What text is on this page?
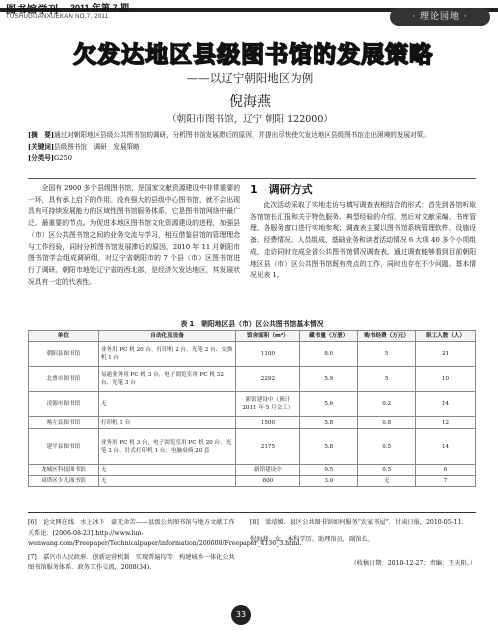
图书馆学刊 2011 年第 7 期
TUSHUGUANXUEKAN NO.7, 2011	· 理论园地 ·
欠发达地区县级图书馆的发展策略
——以辽宁朝阳地区为例
倪海燕
（朝阳市图书馆，辽宁 朝阳 122000）
[摘　要]通过对朝阳地区县级公共图书馆的调研，分析图书馆发展滞后的原因，并提出尽快使欠发达地区县级图书馆走出困境的发展对策。
[关键词]县级图书馆　调研　发展策略
[分类号]G250
全国有 2900 多个县级图书馆，是国家文献资源建设中非常重要的一环，具有承上启下的作用。没有强大的县级中心图书馆，就不会出现具有可持续发展能力的区域性图书馆服务体系，它是图书馆网络中最广泛、最重要的节点。为促进本地区图书馆文化资源建设的进程，加强县（市）区公共图书馆之间的业务交流与学习，相互借鉴县馆的管理理念与工作经验，同时分析图书馆发展滞后的原因，2010 年 11 月朝阳市图书馆学会组成调研组，对辽宁省朝阳市的 7 个县（市）区图书馆进行了调研。朝阳市地处辽宁省的西北部，是经济欠发达地区，其发展状况具有一定的代表性。
1　调研方式
此次活动采取了实地走访与填写调查表相结合的形式：首先到各馆听取各馆馆长汇报和关于特色服务、典型经验的介绍，然后对文献采编、书库管理、各服务窗口进行实地参观；调查表主要以图书馆系统管理软件、设施设备、经费情况、人员组成、基础业务和读者活动情况 6 大项 40 多个小项组成，走访同时完成全省公共图书馆情况调查表。通过调查能够看到目前朝阳地区县（市）区公共图书馆既有亮点的工作，同时也存在不少问题。基本情况见表 1。
表 1　朝阳地区县（市）区公共图书馆基本情况
单位	自动化及设备	馆舍面积（m²）	藏书量（万册）	购书经费（万元）	职工人数（人）
朝阳县图书馆	业务用 PC 机 20 台、打印机 2 台、光笔 2 台、交换机 1 台	1100	8.0	5	21
北票市图书馆	易通业务用 PC 机 3 台，电子阅览室用 PC 机 32 台、光笔 3 台	2292	5.9	5	10
凌源市图书馆	无	新馆建设中（预计 2011 年 5 月交工）	5.6	0.2	14
喀左县图书馆	打印机 1 台	1500	5.8	0.8	12
建平县图书馆	业务用 PC 机 3 台，电子阅览室用 PC 机 20 台、光笔 3 台、针式打印机 1 台、电脑桌椅 20 套	2175	5.8	0.5	14
龙城区科技图书馆	无	新馆建设中	0.5	0.5	6
双塔区少儿图书馆	无	800	3.0	无	7
[6]　 论文网在线．水上冰下　豪无舍苦——县级公共图书馆与地方文献工作关系论．[2006-08-23].http://www.lun-wenwang.com/Freepaper/Technicalpaper/information/200608/Freepaper_4136_3.html.
[7]　 嘉兴市人民政府．创新运营机制　实现普遍均等　构建城乡一体化公共图书馆服务体系．政务工作交流，2008(34).
[8]　 梁靖媛．县区公共图书馆如何服务“农家书屋”．甘肃日报，2010-05-11.
倪海燕　女，本科学历。助理馆员，副馆长。
（收稿日期：2010-12-27；责编：王天阳。）
33
